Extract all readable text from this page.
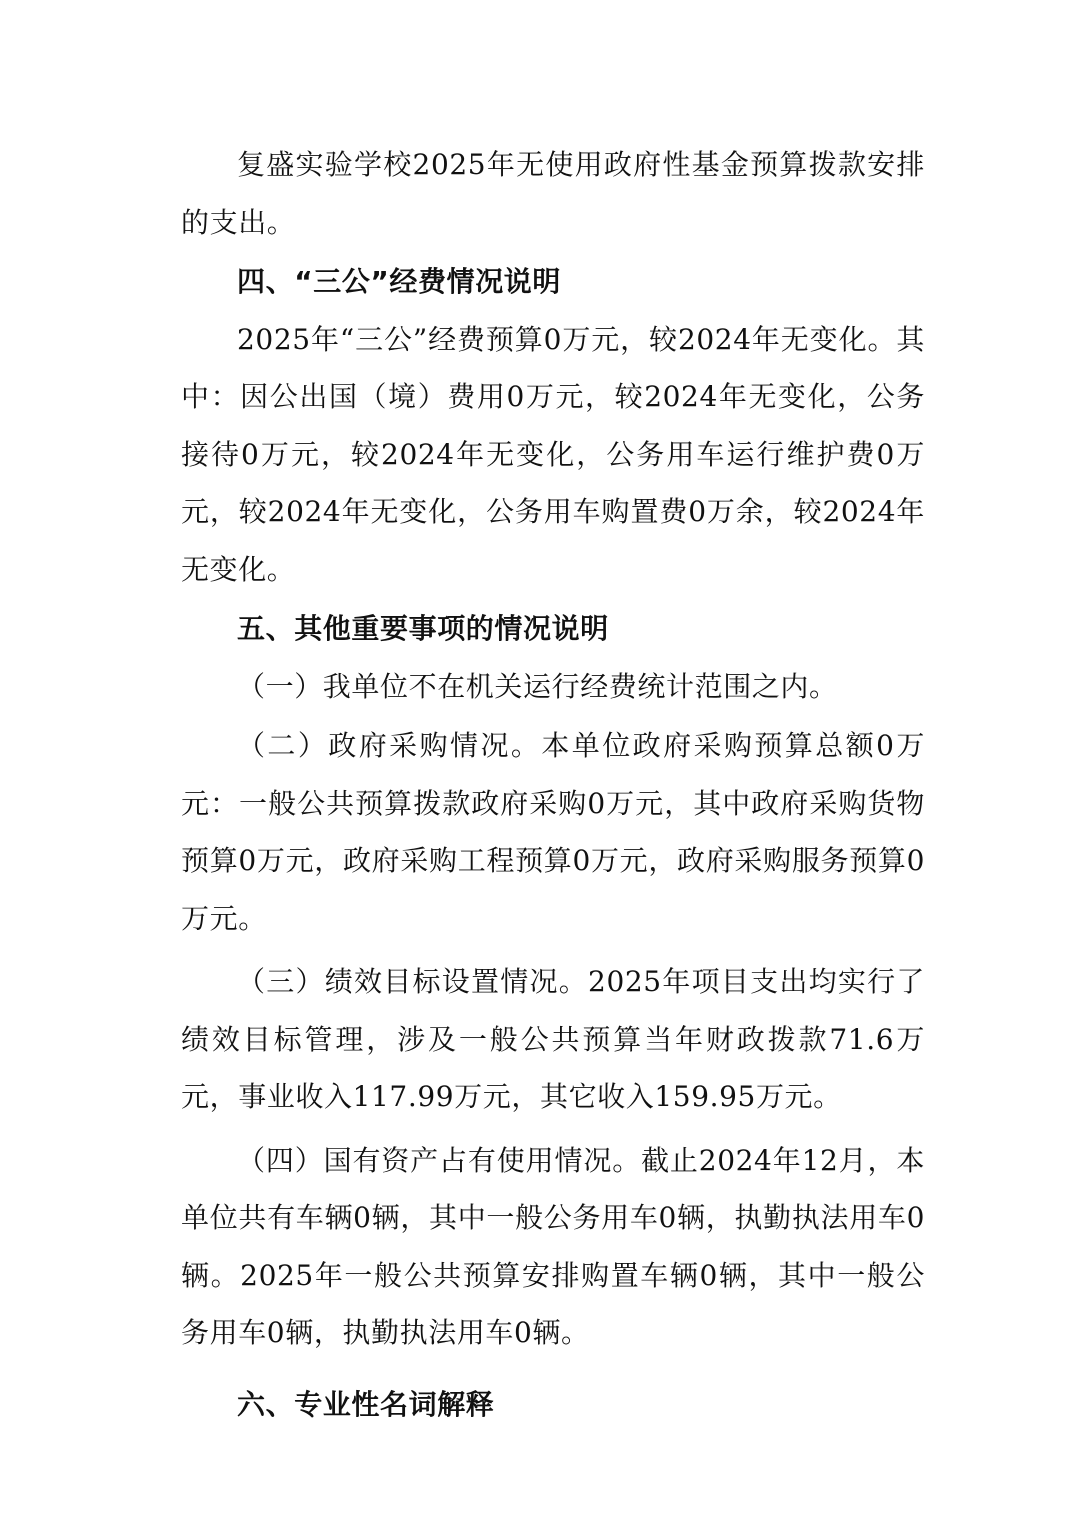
复盛实验学校2025年无使用政府性基金预算拨款安排的支出。

四、“三公”经费情况说明

2025年“三公”经费预算0万元，较2024年无变化。其中：因公出国（境）费用0万元，较2024年无变化，公务接待0万元，较2024年无变化，公务用车运行维护费0万元，较2024年无变化，公务用车购置费0万余，较2024年无变化。

五、其他重要事项的情况说明

（一）我单位不在机关运行经费统计范围之内。

（二）政府采购情况。本单位政府采购预算总额0万元：一般公共预算拨款政府采购0万元，其中政府采购货物预算0万元，政府采购工程预算0万元，政府采购服务预算0万元。

（三）绩效目标设置情况。2025年项目支出均实行了绩效目标管理，涉及一般公共预算当年财政拨款71.6万元，事业收入117.99万元，其它收入159.95万元。

（四）国有资产占有使用情况。截止2024年12月，本单位共有车辆0辆，其中一般公务用车0辆，执勤执法用车0辆。2025年一般公共预算安排购置车辆0辆，其中一般公务用车0辆，执勤执法用车0辆。

六、专业性名词解释
